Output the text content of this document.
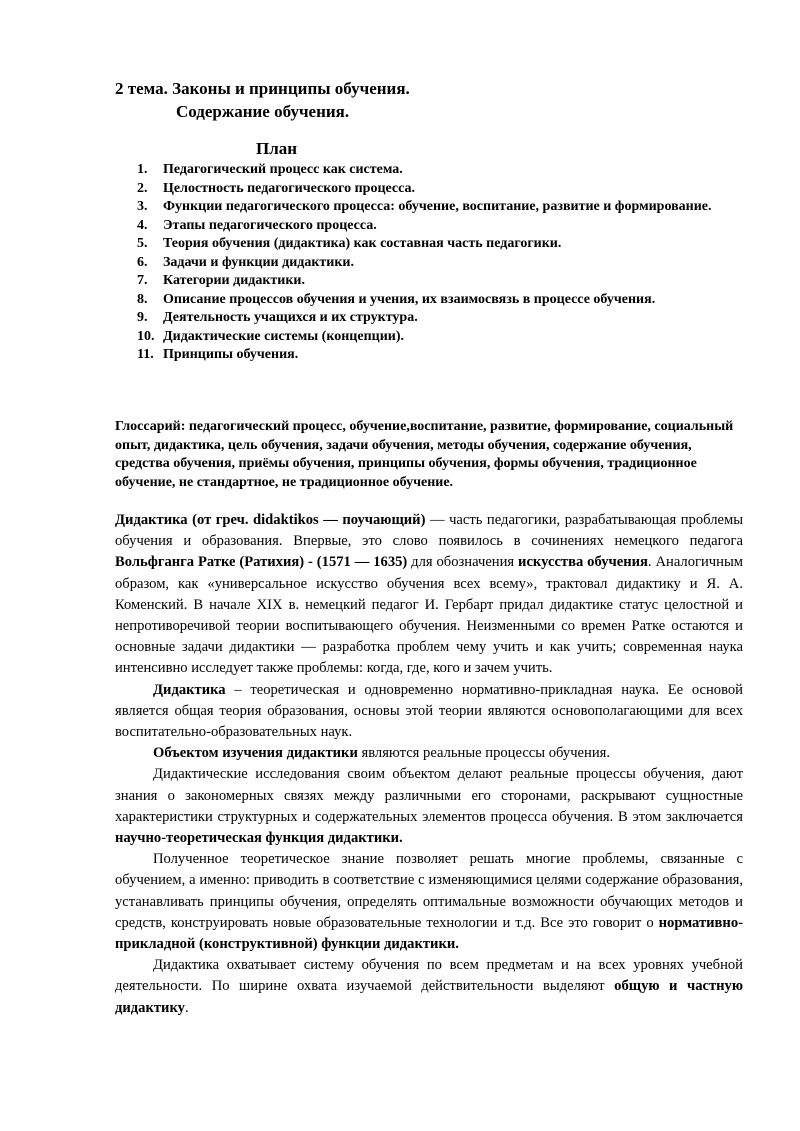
2 тема. Законы и принципы обучения.
Содержание обучения.
План
1.	Педагогический процесс как система.
2.	Целостность педагогического процесса.
3.	Функции педагогического процесса: обучение, воспитание, развитие и формирование.
4.	Этапы педагогического процесса.
5.	Теория обучения (дидактика) как составная часть педагогики.
6.	Задачи и функции дидактики.
7.	Категории дидактики.
8.	Описание процессов обучения и учения, их взаимосвязь в процессе обучения.
9.	Деятельность учащихся и их структура.
10. Дидактические системы (концепции).
11. Принципы обучения.

Глоссарий: педагогический процесс, обучение,воспитание, развитие, формирование, социальный опыт, дидактика, цель обучения, задачи обучения, методы обучения, содержание обучения, средства обучения, приёмы обучения, принципы обучения, формы обучения, традиционное обучение, не стандартное, не традиционное обучение.

Дидактика (от греч. didaktikos — поучающий) — часть педагогики, разрабатывающая проблемы обучения и образования. Впервые, это слово появилось в сочинениях немецкого педагога Вольфганга Ратке (Ратихия) - (1571 — 1635) для обозначения искусства обучения. Аналогичным образом, как «универсальное искусство обучения всех всему», трактовал дидактику и Я. А. Коменский. В начале XIX в. немецкий педагог И. Гербарт придал дидактике статус целостной и непротиворечивой теории воспитывающего обучения. Неизменными со времен Ратке остаются и основные задачи дидактики — разработка проблем чему учить и как учить; современная наука интенсивно исследует также проблемы: когда, где, кого и зачем учить.

Дидактика – теоретическая и одновременно нормативно-прикладная наука. Ее основой является общая теория образования, основы этой теории являются основополагающими для всех воспитательно-образовательных наук.

Объектом изучения дидактики являются реальные процессы обучения.

Дидактические исследования своим объектом делают реальные процессы обучения, дают знания о закономерных связях между различными его сторонами, раскрывают сущностные характеристики структурных и содержательных элементов процесса обучения. В этом заключается научно-теоретическая функция дидактики.

Полученное теоретическое знание позволяет решать многие проблемы, связанные с обучением, а именно: приводить в соответствие с изменяющимися целями содержание образования, устанавливать принципы обучения, определять оптимальные возможности обучающих методов и средств, конструировать новые образовательные технологии и т.д. Все это говорит о нормативно-прикладной (конструктивной) функции дидактики.

Дидактика охватывает систему обучения по всем предметам и на всех уровнях учебной деятельности. По ширине охвата изучаемой действительности выделяют общую и частную дидактику.
